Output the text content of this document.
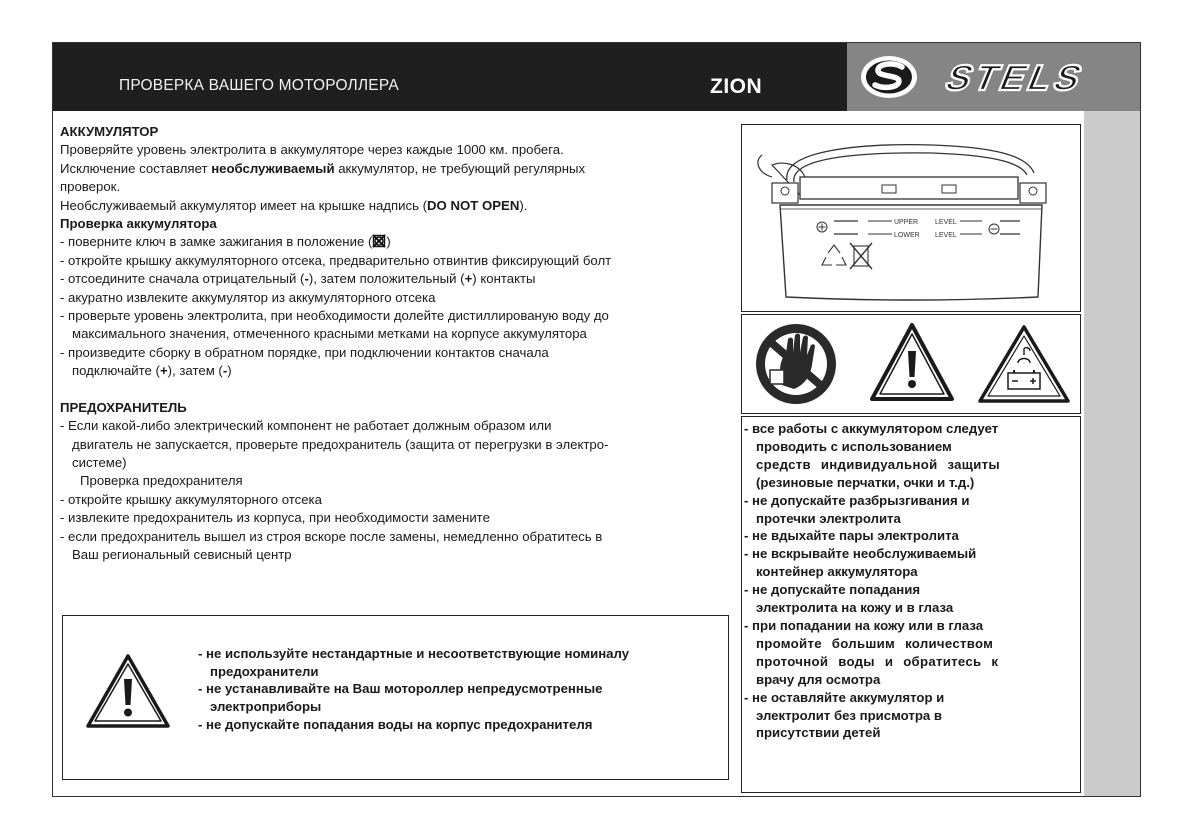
ПРОВЕРКА ВАШЕГО МОТОРОЛЛЕРА	ZION	STELS

АККУМУЛЯТОР

Проверяйте уровень электролита в аккумуляторе через каждые 1000 км. пробега.

Исключение составляет необслуживаемый аккумулятор, не требующий регулярных

проверок.

Необслуживаемый аккумулятор имеет на крышке надпись (DO NOT OPEN).

Проверка аккумулятора

- поверните ключ в замке зажигания в положение ( )

- откройте крышку аккумуляторного отсека, предварительно отвинтив фиксирующий болт

- отсоедините сначала отрицательный (-), затем положительный (+) контакты

- акуратно извлеките аккумулятор из аккумуляторного отсека

- проверьте уровень электролита, при необходимости долейте дистиллированую воду до

максимального значения, отмеченного красными метками на корпусе аккумулятора

- произведите сборку в обратном порядке, при подключении контактов сначала

подключайте (+), затем (-)

ПРЕДОХРАНИТЕЛЬ

- Если какой-либо электрический компонент не работает должным образом или

двигатель не запускается, проверьте предохранитель (защита от перегрузки в электро-

системе)

Проверка предохранителя

- откройте крышку аккумуляторного отсека

- извлеките предохранитель из корпуса, при необходимости замените

- если предохранитель вышел из строя вскоре после замены, немедленно обратитесь в

Ваш региональный севисный центр

- не используйте нестандартные и несоответствующие номиналу

предохранители

- не устанавливайте на Ваш мотороллер непредусмотренные

электроприборы

- не допускайте попадания воды на корпус предохранителя

UPPER
LOWER
LEVEL
LEVEL

- все работы с аккумулятором следует

проводить с использованием

средств индивидуальной защиты

(резиновые перчатки, очки и т.д.)

- не допускайте разбрызгивания и

протечки электролита

- не вдыхайте пары электролита

- не вскрывайте необслуживаемый

контейнер аккумулятора

- не допускайте попадания

электролита на кожу и в глаза

- при попадании на кожу или в глаза

промойте большим количеством

проточной воды и обратитесь к

врачу для осмотра

- не оставляйте аккумулятор и

электролит без присмотра в

присутствии детей
